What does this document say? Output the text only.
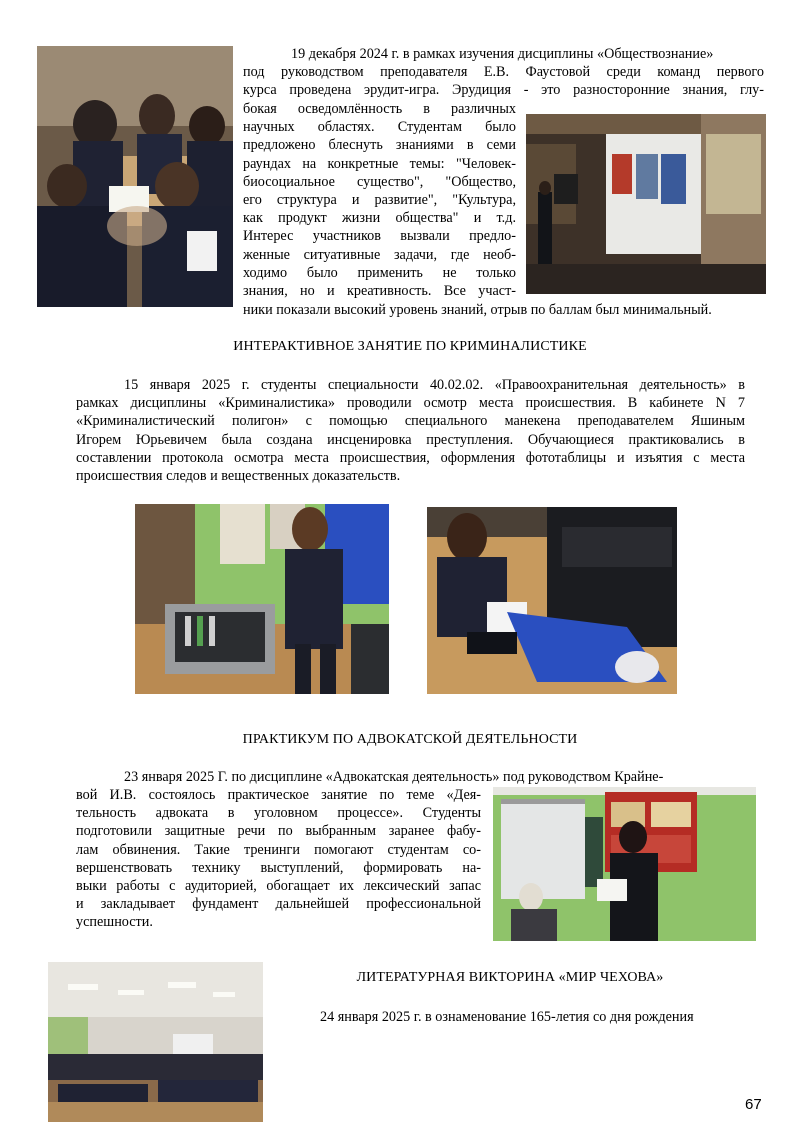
19 декабря 2024 г. в рамках изучения дисциплины «Обществознание»
под руководством преподавателя Е.В. Фаустовой среди команд первого
курса проведена эрудит-игра. Эрудиция - это разносторонние знания, глу-
бокая осведомлённость в различных
научных областях. Студентам было
предложено блеснуть знаниями в семи
раундах на конкретные темы: "Человек-
биосоциальное существо", "Общество,
его структура и развитие", "Культура,
как продукт жизни общества" и т.д.
Интерес участников вызвали предло-
женные ситуативные задачи, где необ-
ходимо было применить не только
знания, но и креативность. Все участ-
ники показали высокий уровень знаний, отрыв по баллам был минимальный.
ИНТЕРАКТИВНОЕ ЗАНЯТИЕ ПО КРИМИНАЛИСТИКЕ
15 января 2025 г. студенты специальности 40.02.02. «Правоохранительная деятельность» в
рамках дисциплины «Криминалистика» проводили осмотр места происшествия. В кабинете N 7
«Криминалистический полигон» с помощью специального манекена преподавателем Яшиным
Игорем Юрьевичем была создана инсценировка преступления. Обучающиеся практиковались в
составлении протокола осмотра места происшествия, оформления фототаблицы и изъятия с места
происшествия следов и вещественных доказательств.
ПРАКТИКУМ ПО АДВОКАТСКОЙ ДЕЯТЕЛЬНОСТИ
23 января 2025 Г. по дисциплине «Адвокатская деятельность» под руководством Крайне-
вой И.В. состоялось практическое занятие по теме «Дея-
тельность адвоката в уголовном процессе». Студенты
подготовили защитные речи по выбранным заранее фабу-
лам обвинения. Такие тренинги помогают студентам со-
вершенствовать технику выступлений, формировать на-
выки работы с аудиторией, обогащает их лексический запас
и закладывает фундамент дальнейшей профессиональной
успешности.
ЛИТЕРАТУРНАЯ ВИКТОРИНА «МИР ЧЕХОВА»
24 января 2025 г. в ознаменование 165-летия со дня рождения
67
